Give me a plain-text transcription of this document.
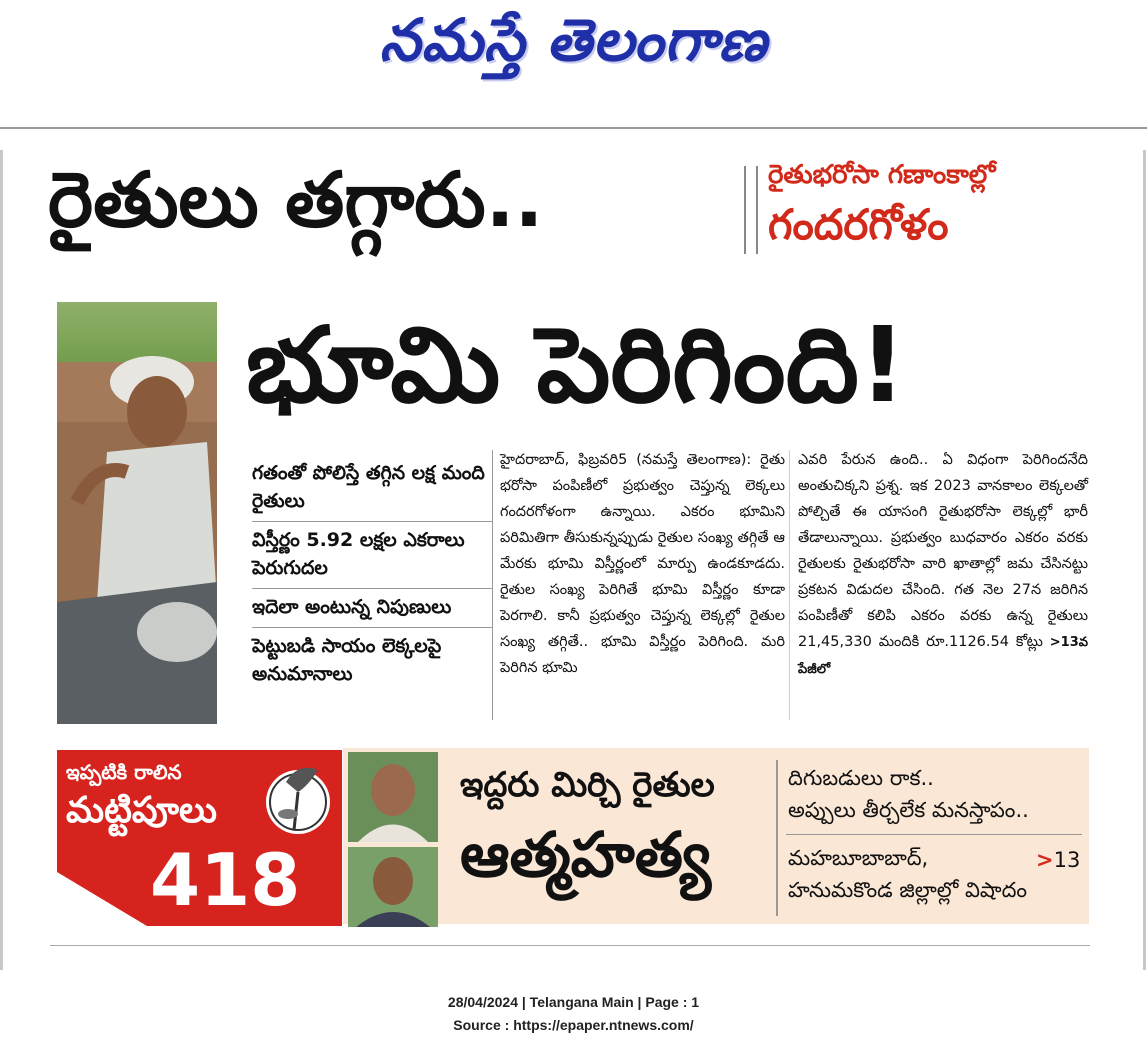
నమస్తే తెలంగాణ
రైతులు తగ్గారు..	రైతుభరోసా గణాంకాల్లో
గందరగోళం
భూమి పెరిగింది!
గతంతో పోలిస్తే తగ్గిన లక్ష మంది రైతులు
విస్తీర్ణం 5.92 లక్షల ఎకరాలు పెరుగుదల
ఇదెలా అంటున్న నిపుణులు
పెట్టుబడి సాయం లెక్కలపై అనుమానాలు
హైదరాబాద్, ఫిబ్రవరి5 (నమస్తే తెలంగాణ): రైతు భరోసా పంపిణీలో ప్రభుత్వం చెప్తున్న లెక్కలు గందరగోళంగా ఉన్నాయి. ఎకరం భూమిని పరిమితిగా తీసుకున్నప్పుడు రైతుల సంఖ్య తగ్గితే ఆ మేరకు భూమి విస్తీర్ణంలో మార్పు ఉండకూడదు. రైతుల సంఖ్య పెరిగితే భూమి విస్తీర్ణం కూడా పెరగాలి. కానీ ప్రభుత్వం చెప్తున్న లెక్కల్లో రైతుల సంఖ్య తగ్గితే.. భూమి విస్తీర్ణం పెరిగింది. మరి పెరిగిన భూమి
ఎవరి పేరున ఉంది.. ఏ విధంగా పెరిగిందనేది అంతుచిక్కని ప్రశ్న. ఇక 2023 వానకాలం లెక్కలతో పోల్చితే ఈ యాసంగి రైతుభరోసా లెక్కల్లో భారీ తేడాలున్నాయి. ప్రభుత్వం బుధవారం ఎకరం వరకు రైతులకు రైతుభరోసా వారి ఖాతాల్లో జమ చేసినట్టు ప్రకటన విడుదల చేసింది. గత నెల 27న జరిగిన పంపిణీతో కలిపి ఎకరం వరకు ఉన్న రైతులు 21,45,330 మందికి రూ.1126.54 కోట్లు >13వ పేజీలో
ఇప్పటికి రాలిన
మట్టిపూలు
418
ఇద్దరు మిర్చి రైతుల
ఆత్మహత్య
దిగుబడులు రాక..
అప్పులు తీర్చలేక మనస్తాపం..
మహబూబాబాద్,
హనుమకొండ జిల్లాల్లో విషాదం
>13
28/04/2024 | Telangana Main | Page : 1
Source : https://epaper.ntnews.com/
